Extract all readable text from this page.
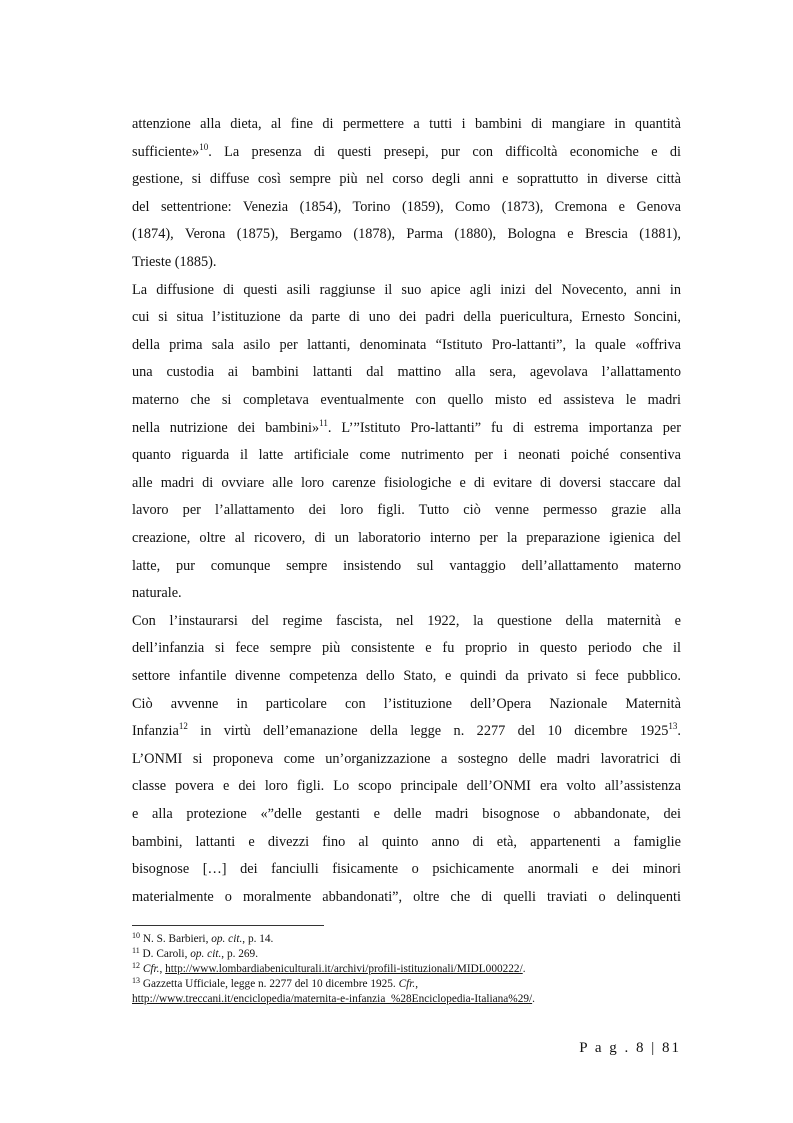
attenzione alla dieta, al fine di permettere a tutti i bambini di mangiare in quantità
sufficiente»$^{10}$. La presenza di questi presepi, pur con difficoltà economiche e di
gestione, si diffuse così sempre più nel corso degli anni e soprattutto in diverse città
del settentrione: Venezia (1854), Torino (1859), Como (1873), Cremona e Genova
(1874), Verona (1875), Bergamo (1878), Parma (1880), Bologna e Brescia (1881),
Trieste (1885).
La diffusione di questi asili raggiunse il suo apice agli inizi del Novecento, anni in
cui si situa l’istituzione da parte di uno dei padri della puericultura, Ernesto Soncini,
della prima sala asilo per lattanti, denominata “Istituto Pro-lattanti”, la quale «offriva
una custodia ai bambini lattanti dal mattino alla sera, agevolava l’allattamento
materno che si completava eventualmente con quello misto ed assisteva le madri
nella nutrizione dei bambini»$^{11}$. L’”Istituto Pro-lattanti” fu di estrema importanza per
quanto riguarda il latte artificiale come nutrimento per i neonati poiché consentiva
alle madri di ovviare alle loro carenze fisiologiche e di evitare di doversi staccare dal
lavoro per l’allattamento dei loro figli. Tutto ciò venne permesso grazie alla
creazione, oltre al ricovero, di un laboratorio interno per la preparazione igienica del
latte, pur comunque sempre insistendo sul vantaggio dell’allattamento materno
naturale.
Con l’instaurarsi del regime fascista, nel 1922, la questione della maternità e
dell’infanzia si fece sempre più consistente e fu proprio in questo periodo che il
settore infantile divenne competenza dello Stato, e quindi da privato si fece pubblico.
Ciò avvenne in particolare con l’istituzione dell’Opera Nazionale Maternità
Infanzia$^{12}$ in virtù dell’emanazione della legge n. 2277 del 10 dicembre 1925$^{13}$.
L’ONMI si proponeva come un’organizzazione a sostegno delle madri lavoratrici di
classe povera e dei loro figli. Lo scopo principale dell’ONMI era volto all’assistenza
e alla protezione «”delle gestanti e delle madri bisognose o abbandonate, dei
bambini, lattanti e divezzi fino al quinto anno di età, appartenenti a famiglie
bisognose […] dei fanciulli fisicamente o psichicamente anormali e dei minori
materialmente o moralmente abbandonati”, oltre che di quelli traviati o delinquenti
$^{10}$ N. S. Barbieri, op. cit., p. 14.
$^{11}$ D. Caroli, op. cit., p. 269.
$^{12}$ Cfr., http://www.lombardiabeniculturali.it/archivi/profili-istituzionali/MIDL000222/.
$^{13}$ Gazzetta Ufficiale, legge n. 2277 del 10 dicembre 1925. Cfr.,
http://www.treccani.it/enciclopedia/maternita-e-infanzia_%28Enciclopedia-Italiana%29/.
P a g . 8 | 81
